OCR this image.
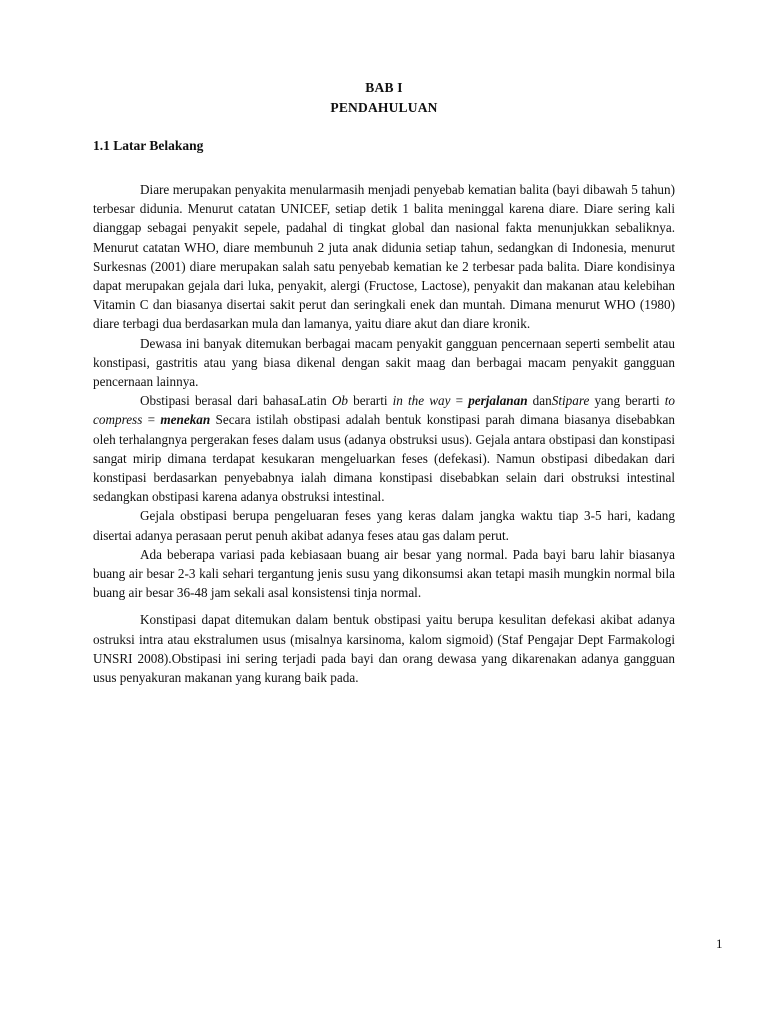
BAB I
PENDAHULUAN
1.1 Latar Belakang

Diare merupakan penyakita menularmasih menjadi penyebab kematian balita (bayi dibawah 5 tahun) terbesar didunia. Menurut catatan UNICEF, setiap detik 1 balita meninggal karena diare. Diare sering kali dianggap sebagai penyakit sepele, padahal di tingkat global dan nasional fakta menunjukkan sebaliknya. Menurut catatan WHO, diare membunuh 2 juta anak didunia setiap tahun, sedangkan di Indonesia, menurut Surkesnas (2001) diare merupakan salah satu penyebab kematian ke 2 terbesar pada balita. Diare kondisinya dapat merupakan gejala dari luka, penyakit, alergi (Fructose, Lactose), penyakit dan makanan atau kelebihan Vitamin C dan biasanya disertai sakit perut dan seringkali enek dan muntah. Dimana menurut WHO (1980) diare terbagi dua berdasarkan mula dan lamanya, yaitu diare akut dan diare kronik.

Dewasa ini banyak ditemukan berbagai macam penyakit gangguan pencernaan seperti sembelit atau konstipasi, gastritis atau yang biasa dikenal dengan sakit maag dan berbagai macam penyakit gangguan pencernaan lainnya.

Obstipasi berasal dari bahasaLatin Ob berarti in the way = perjalanan danStipare yang berarti to compress = menekan Secara istilah obstipasi adalah bentuk konstipasi parah dimana biasanya disebabkan oleh terhalangnya pergerakan feses dalam usus (adanya obstruksi usus). Gejala antara obstipasi dan konstipasi sangat mirip dimana terdapat kesukaran mengeluarkan feses (defekasi). Namun obstipasi dibedakan dari konstipasi berdasarkan penyebabnya ialah dimana konstipasi disebabkan selain dari obstruksi intestinal sedangkan obstipasi karena adanya obstruksi intestinal.

Gejala obstipasi berupa pengeluaran feses yang keras dalam jangka waktu tiap 3-5 hari, kadang disertai adanya perasaan perut penuh akibat adanya feses atau gas dalam perut.

Ada beberapa variasi pada kebiasaan buang air besar yang normal. Pada bayi baru lahir biasanya buang air besar 2-3 kali sehari tergantung jenis susu yang dikonsumsi akan tetapi masih mungkin normal bila buang air besar 36-48 jam sekali asal konsistensi tinja normal.

Konstipasi dapat ditemukan dalam bentuk obstipasi yaitu berupa kesulitan defekasi akibat adanya ostruksi intra atau ekstralumen usus (misalnya karsinoma, kalom sigmoid) (Staf Pengajar Dept Farmakologi UNSRI 2008).Obstipasi ini sering terjadi pada bayi dan orang dewasa yang dikarenakan adanya gangguan usus penyakuran makanan yang kurang baik pada.

1
